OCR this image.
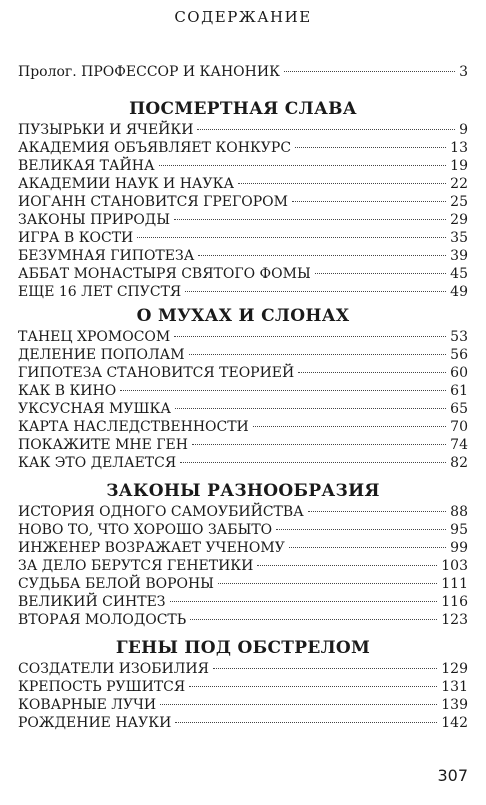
СОДЕРЖАНИЕ
Пролог. ПРОФЕССОР И КАНОНИК	3
ПОСМЕРТНАЯ СЛАВА
ПУЗЫРЬКИ И ЯЧЕЙКИ	9
АКАДЕМИЯ ОБЪЯВЛЯЕТ КОНКУРС	13
ВЕЛИКАЯ ТАЙНА	19
АКАДЕМИИ НАУК И НАУКА	22
ИОГАНН СТАНОВИТСЯ ГРЕГОРОМ	25
ЗАКОНЫ ПРИРОДЫ	29
ИГРА В КОСТИ	35
БЕЗУМНАЯ ГИПОТЕЗА	39
АББАТ МОНАСТЫРЯ СВЯТОГО ФОМЫ	45
ЕЩЕ 16 ЛЕТ СПУСТЯ	49
О МУХАХ И СЛОНАХ
ТАНЕЦ ХРОМОСОМ	53
ДЕЛЕНИЕ ПОПОЛАМ	56
ГИПОТЕЗА СТАНОВИТСЯ ТЕОРИЕЙ	60
КАК В КИНО	61
УКСУСНАЯ МУШКА	65
КАРТА НАСЛЕДСТВЕННОСТИ	70
ПОКАЖИТЕ МНЕ ГЕН	74
КАК ЭТО ДЕЛАЕТСЯ	82
ЗАКОНЫ РАЗНООБРАЗИЯ
ИСТОРИЯ ОДНОГО САМОУБИЙСТВА	88
НОВО ТО, ЧТО ХОРОШО ЗАБЫТО	95
ИНЖЕНЕР ВОЗРАЖАЕТ УЧЕНОМУ	99
ЗА ДЕЛО БЕРУТСЯ ГЕНЕТИКИ	103
СУДЬБА БЕЛОЙ ВОРОНЫ	111
ВЕЛИКИЙ СИНТЕЗ	116
ВТОРАЯ МОЛОДОСТЬ	123
ГЕНЫ ПОД ОБСТРЕЛОМ
СОЗДАТЕЛИ ИЗОБИЛИЯ	129
КРЕПОСТЬ РУШИТСЯ	131
КОВАРНЫЕ ЛУЧИ	139
РОЖДЕНИЕ НАУКИ	142
307
